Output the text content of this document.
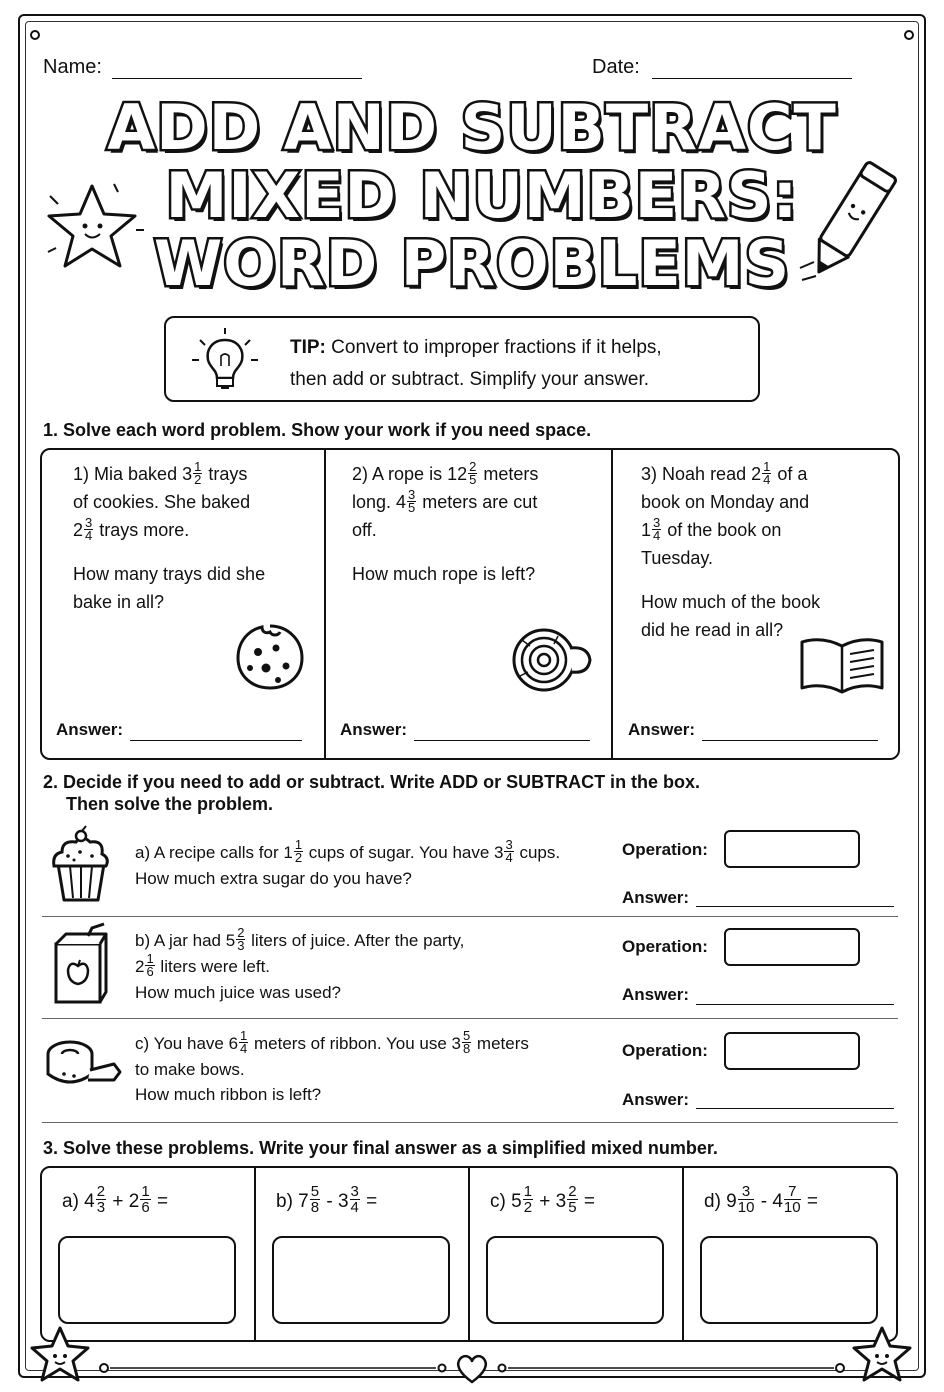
Name:	Date:
ADD AND SUBTRACT
MIXED NUMBERS:
WORD PROBLEMS
TIP: Convert to improper fractions if it helps,
then add or subtract. Simplify your answer.
1. Solve each word problem. Show your work if you need space.
1) Mia baked $3 \frac{1}{2}$ trays
of cookies. She baked
$2 \frac{3}{4}$ trays more.
How many trays did she
bake in all?
Answer:
2) A rope is $12 \frac{2}{5}$ meters
long. $4 \frac{3}{5}$ meters are cut
off.
How much rope is left?
Answer:
3) Noah read $2 \frac{1}{4}$ of a
book on Monday and
$1 \frac{3}{4}$ of the book on
Tuesday.
How much of the book
did he read in all?
Answer:
2. Decide if you need to add or subtract. Write ADD or SUBTRACT in the box.
Then solve the problem.
a) A recipe calls for $1 \frac{1}{2}$ cups of sugar. You have $3 \frac{3}{4}$ cups.
How much extra sugar do you have?
Operation:
Answer:
b) A jar had $5 \frac{2}{3}$ liters of juice. After the party,
$2 \frac{1}{6}$ liters were left.
How much juice was used?
Operation:
Answer:
c) You have $6 \frac{1}{4}$ meters of ribbon. You use $3 \frac{5}{8}$ meters
to make bows.
How much ribbon is left?
Operation:
Answer:
3. Solve these problems. Write your final answer as a simplified mixed number.
a) $4 \frac{2}{3} + 2 \frac{1}{6}$ =	b) $7 \frac{5}{8} - 3 \frac{3}{4}$ =	c) $5 \frac{1}{2} + 3 \frac{2}{5}$ =	d) $9 \frac{3}{10} - 4 \frac{7}{10}$ =
